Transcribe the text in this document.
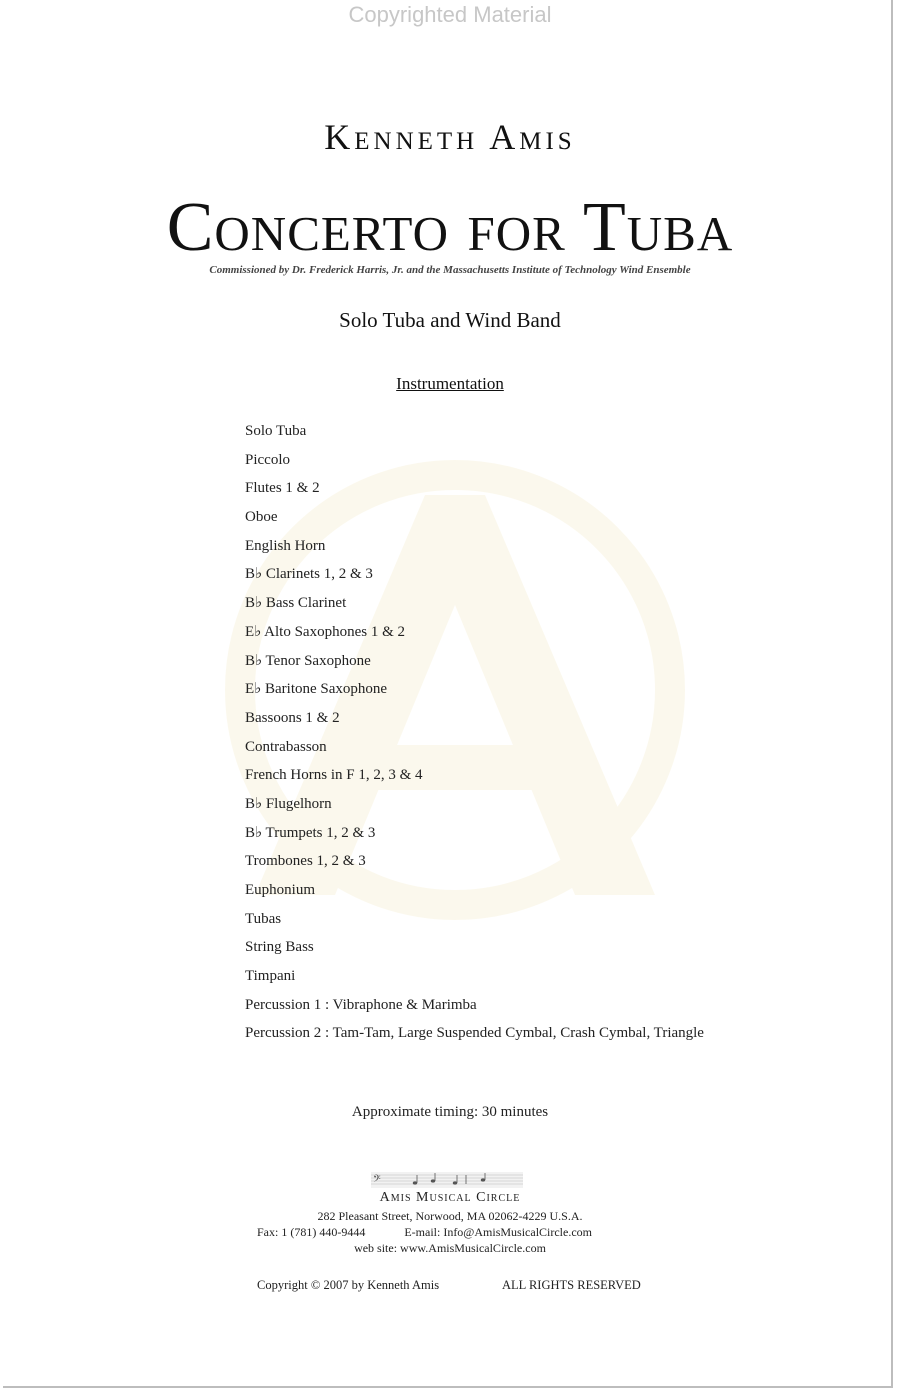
Copyrighted Material
Kenneth Amis
Concerto for Tuba
Commissioned by Dr. Frederick Harris, Jr. and the Massachusetts Institute of Technology Wind Ensemble
Solo Tuba and Wind Band
Instrumentation
Solo Tuba
Piccolo
Flutes 1 & 2
Oboe
English Horn
B♭ Clarinets 1, 2 & 3
B♭ Bass Clarinet
E♭ Alto Saxophones 1 & 2
B♭ Tenor Saxophone
E♭ Baritone Saxophone
Bassoons 1 & 2
Contrabasson
French Horns in F 1, 2, 3 & 4
B♭ Flugelhorn
B♭ Trumpets 1, 2 & 3
Trombones 1, 2 & 3
Euphonium
Tubas
String Bass
Timpani
Percussion 1 : Vibraphone & Marimba
Percussion 2 : Tam-Tam, Large Suspended Cymbal, Crash Cymbal, Triangle
Approximate timing: 30 minutes
𝄢
Amis Musical Circle
282 Pleasant Street, Norwood, MA 02062-4229 U.S.A.
Fax: 1 (781) 440-9444	E-mail: Info@AmisMusicalCircle.com
web site: www.AmisMusicalCircle.com
Copyright © 2007 by Kenneth Amis	ALL RIGHTS RESERVED
